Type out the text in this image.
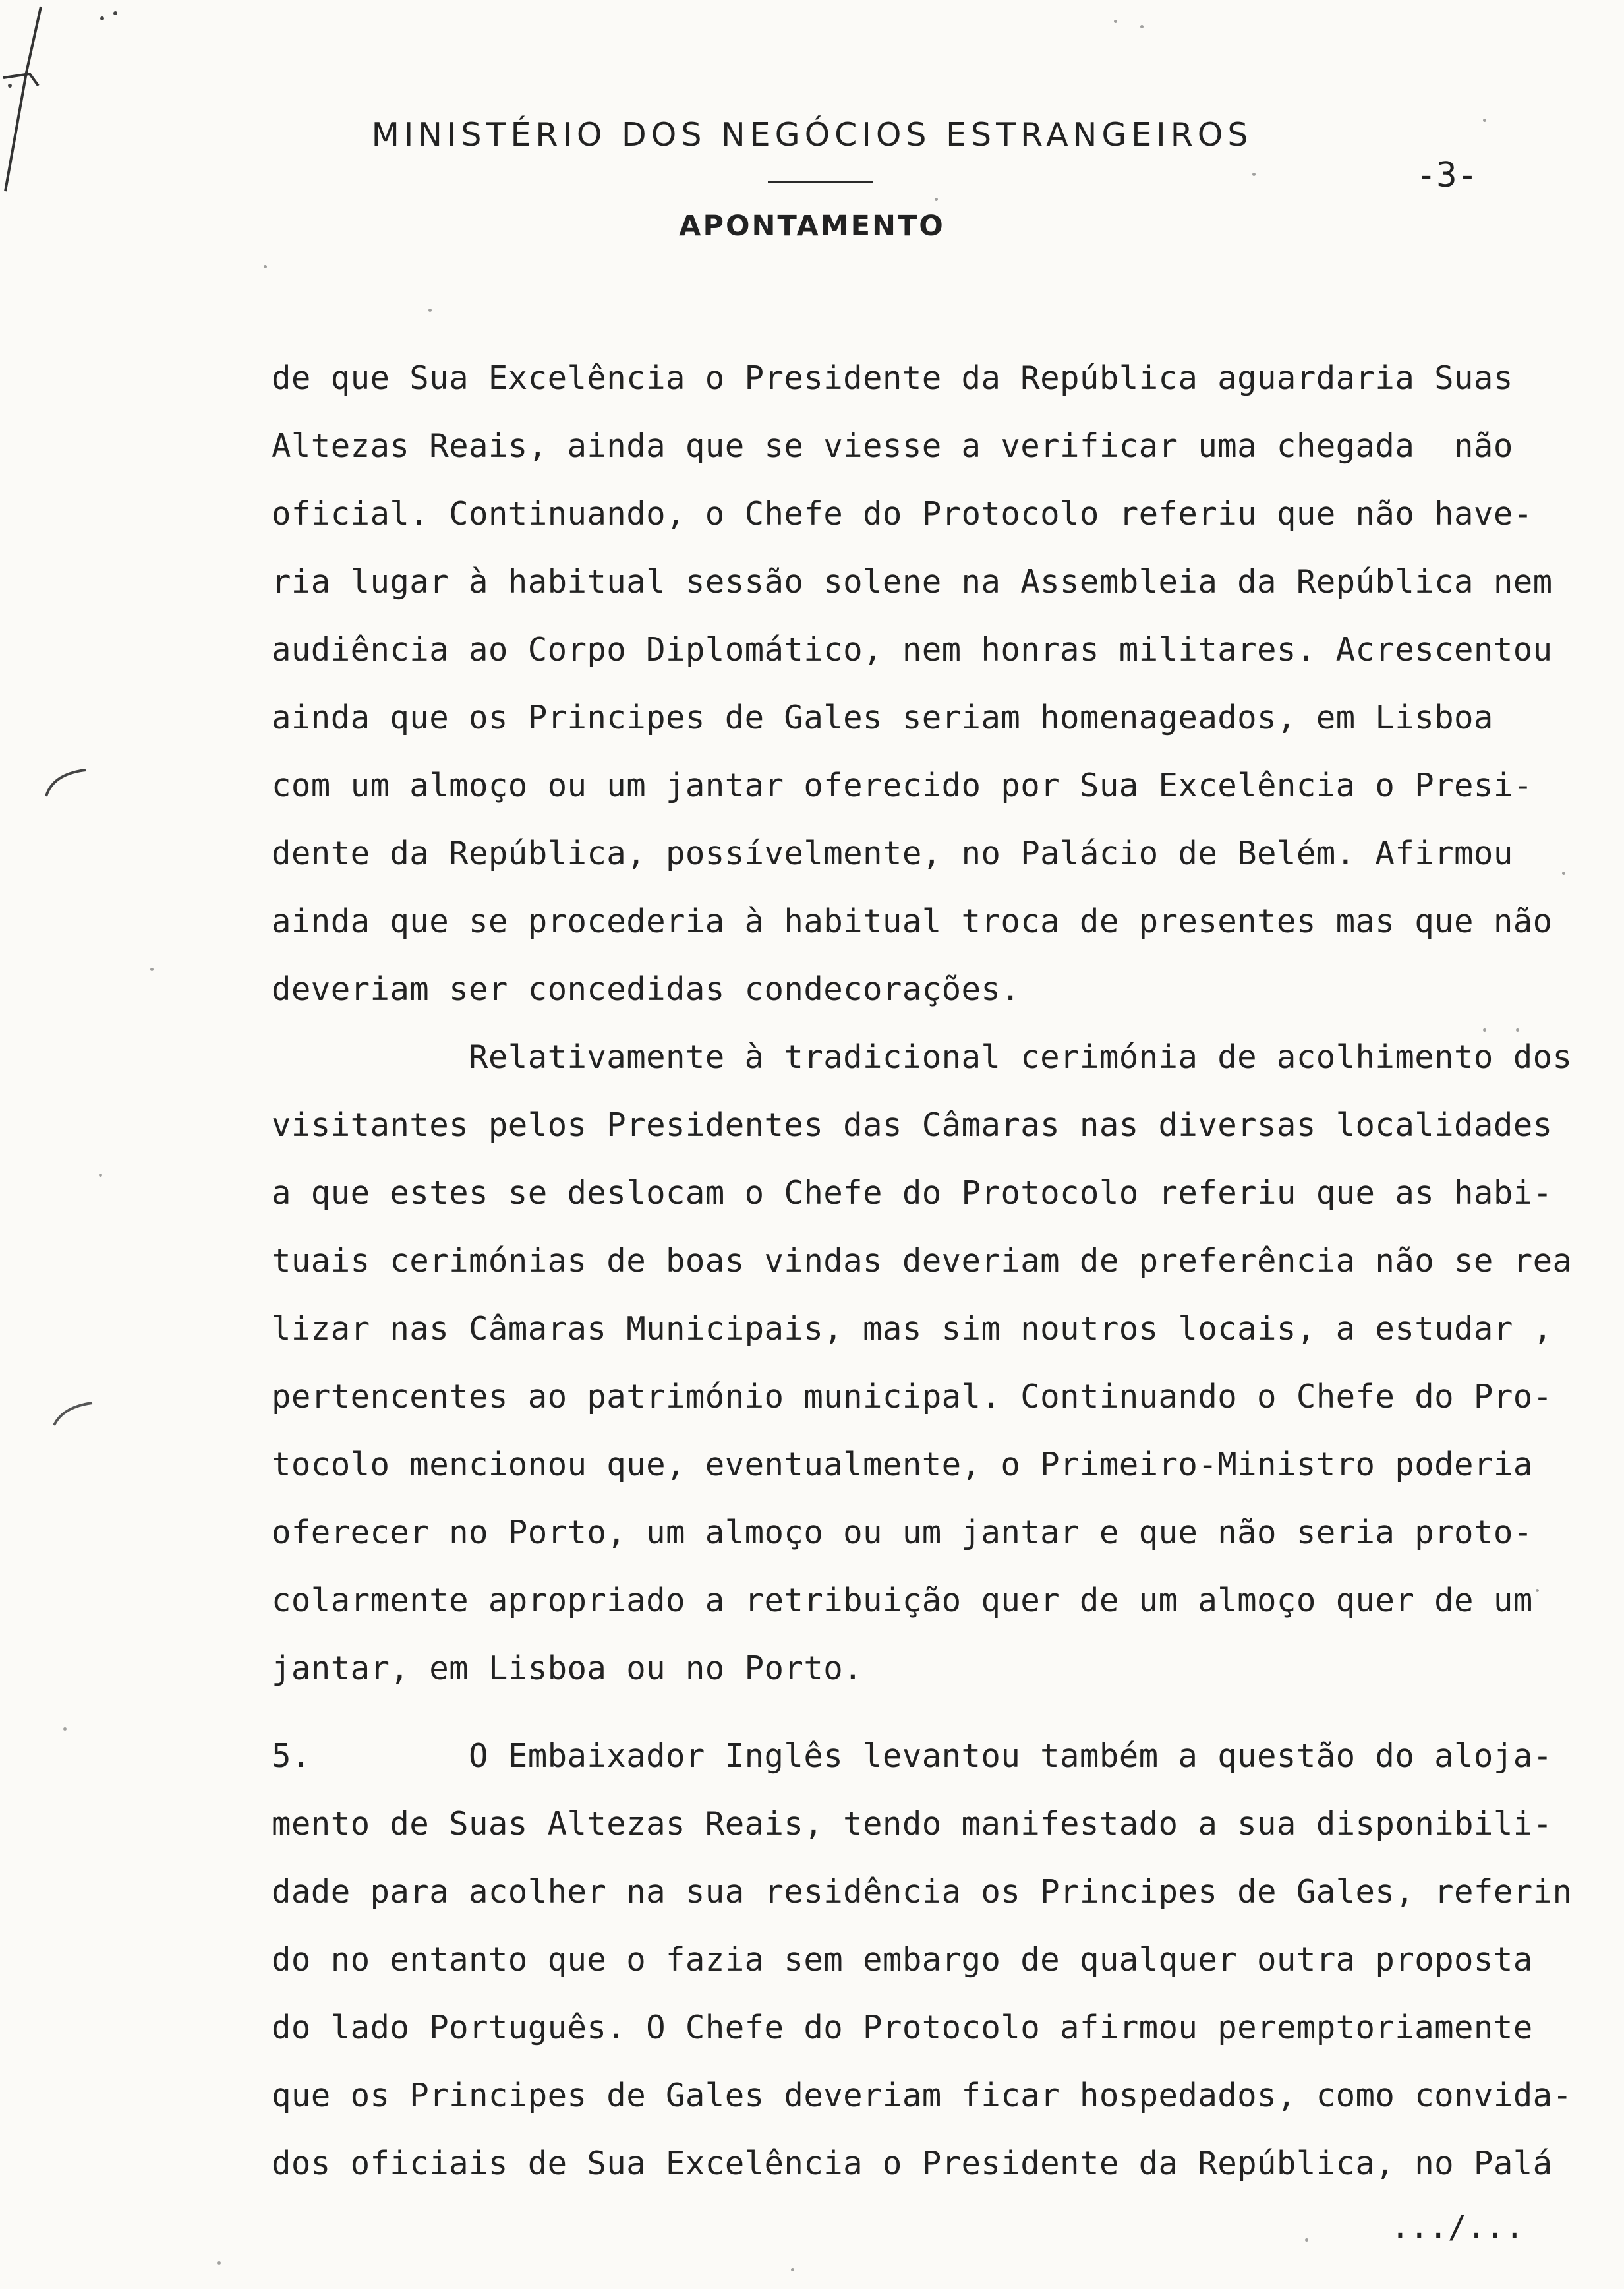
MINISTÉRIO DOS NEGÓCIOS ESTRANGEIROS
-3-
APONTAMENTO
de que Sua Excelência o Presidente da República aguardaria Suas
Altezas Reais, ainda que se viesse a verificar uma chegada  não
oficial. Continuando, o Chefe do Protocolo referiu que não have-
ria lugar à habitual sessão solene na Assembleia da República nem
audiência ao Corpo Diplomático, nem honras militares. Acrescentou
ainda que os Principes de Gales seriam homenageados, em Lisboa
com um almoço ou um jantar oferecido por Sua Excelência o Presi-
dente da República, possívelmente, no Palácio de Belém. Afirmou
ainda que se procederia à habitual troca de presentes mas que não
deveriam ser concedidas condecorações.
Relativamente à tradicional cerimónia de acolhimento dos
visitantes pelos Presidentes das Câmaras nas diversas localidades
a que estes se deslocam o Chefe do Protocolo referiu que as habi-
tuais cerimónias de boas vindas deveriam de preferência não se rea
lizar nas Câmaras Municipais, mas sim noutros locais, a estudar ,
pertencentes ao património municipal. Continuando o Chefe do Pro-
tocolo mencionou que, eventualmente, o Primeiro-Ministro poderia
oferecer no Porto, um almoço ou um jantar e que não seria proto-
colarmente apropriado a retribuição quer de um almoço quer de um
jantar, em Lisboa ou no Porto.
5.        O Embaixador Inglês levantou também a questão do aloja-
mento de Suas Altezas Reais, tendo manifestado a sua disponibili-
dade para acolher na sua residência os Principes de Gales, referin
do no entanto que o fazia sem embargo de qualquer outra proposta
do lado Português. O Chefe do Protocolo afirmou peremptoriamente
que os Principes de Gales deveriam ficar hospedados, como convida-
dos oficiais de Sua Excelência o Presidente da República, no Palá
.../...
